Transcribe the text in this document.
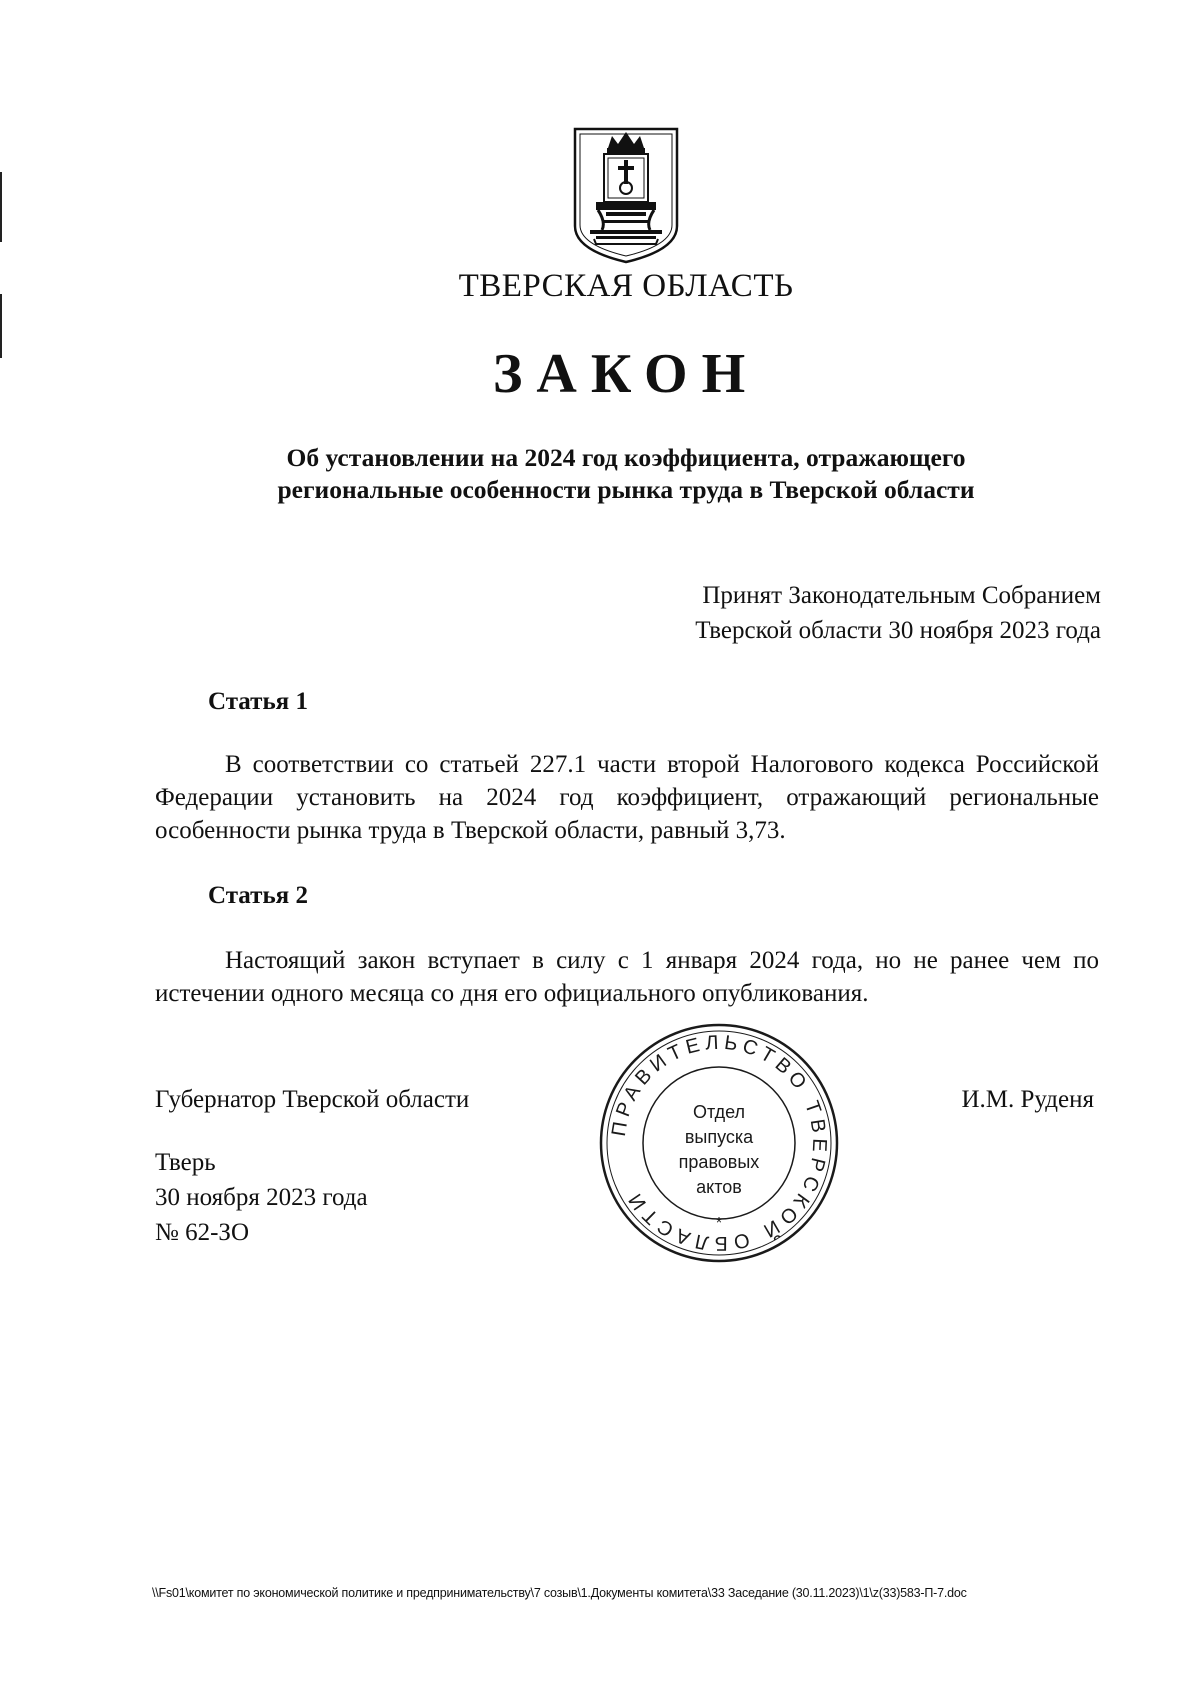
ТВЕРСКАЯ ОБЛАСТЬ
ЗАКОН
Об установлении на 2024 год коэффициента, отражающего
региональные особенности рынка труда в Тверской области
Принят Законодательным Собранием
Тверской области 30 ноября 2023 года
Статья 1
В соответствии со статьей 227.1 части второй Налогового кодекса Российской Федерации установить на 2024 год коэффициент, отражающий региональные особенности рынка труда в Тверской области, равный 3,73.
Статья 2
Настоящий закон вступает в силу с 1 января 2024 года, но не ранее чем по истечении одного месяца со дня его официального опубликования.
Губернатор Тверской области	И.М. Руденя
Тверь
30 ноября 2023 года
№ 62-ЗО
ПРАВИТЕЛЬСТВО ТВЕРСКОЙ ОБЛАСТИ
*
Отдел
выпуска
правовых
актов
\\Fs01\комитет по экономической политике и предпринимательству\7 созыв\1.Документы комитета\33 Заседание (30.11.2023)\1\z(33)583-П-7.doc
